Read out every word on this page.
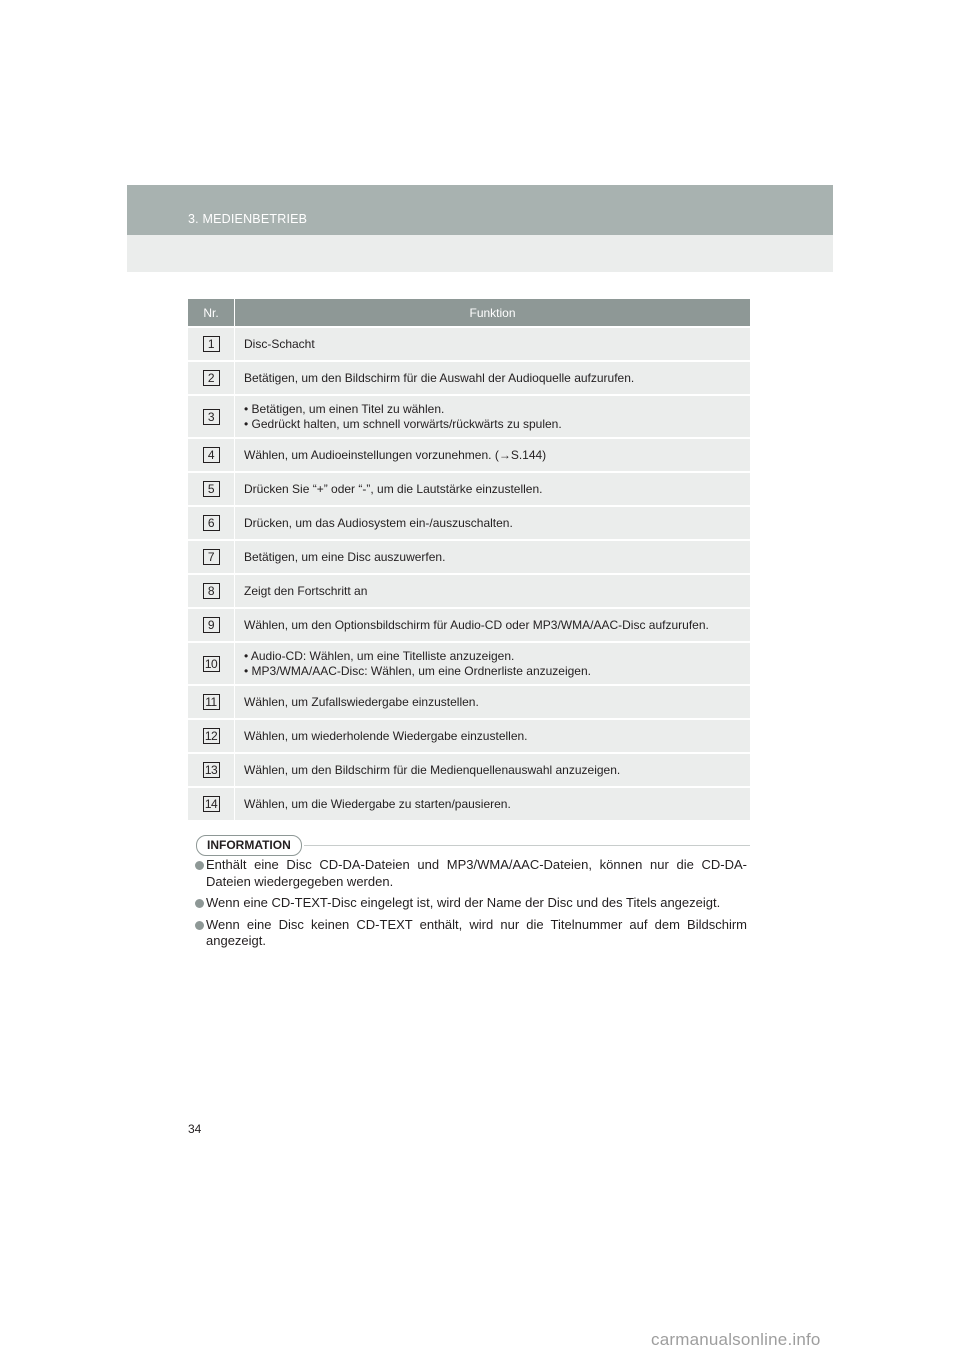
3. MEDIENBETRIEB
Nr.	Funktion
1	Disc-Schacht

2	Betätigen, um den Bildschirm für die Auswahl der Audioquelle aufzurufen.

3	• Betätigen, um einen Titel zu wählen.
• Gedrückt halten, um schnell vorwärts/rückwärts zu spulen.

4	Wählen, um Audioeinstellungen vorzunehmen. (→S.144)

5	Drücken Sie “+” oder “-”, um die Lautstärke einzustellen.

6	Drücken, um das Audiosystem ein-/auszuschalten.

7	Betätigen, um eine Disc auszuwerfen.

8	Zeigt den Fortschritt an

9	Wählen, um den Optionsbildschirm für Audio-CD oder MP3/WMA/AAC-Disc aufzurufen.

10	• Audio-CD: Wählen, um eine Titelliste anzuzeigen.
• MP3/WMA/AAC-Disc: Wählen, um eine Ordnerliste anzuzeigen.

11	Wählen, um Zufallswiedergabe einzustellen.

12	Wählen, um wiederholende Wiedergabe einzustellen.

13	Wählen, um den Bildschirm für die Medienquellenauswahl anzuzeigen.

14	Wählen, um die Wiedergabe zu starten/pausieren.
INFORMATION
Enthält eine Disc CD-DA-Dateien und MP3/WMA/AAC-Dateien, können nur die CD-DA-Dateien wiedergegeben werden.
Wenn eine CD-TEXT-Disc eingelegt ist, wird der Name der Disc und des Titels angezeigt.
Wenn eine Disc keinen CD-TEXT enthält, wird nur die Titelnummer auf dem Bildschirm angezeigt.
34
carmanualsonline.info
